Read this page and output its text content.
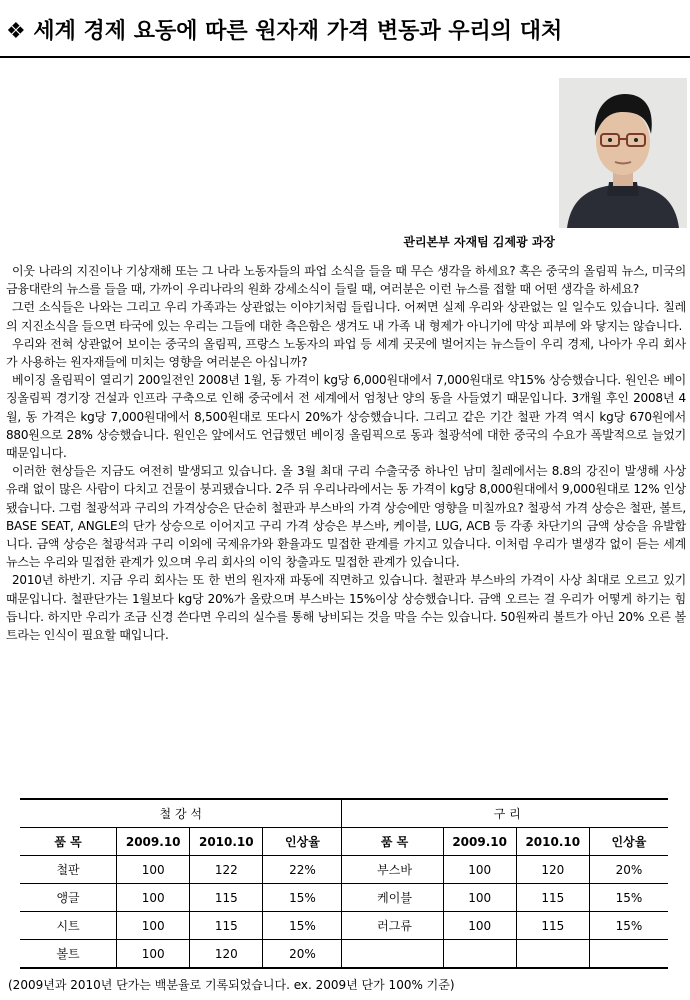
❖ 세계 경제 요동에 따른 원자재 가격 변동과 우리의 대처
관리본부 자재팀 김제광 과장

이웃 나라의 지진이나 기상재해 또는 그 나라 노동자들의 파업 소식을 들을 때 무슨 생각을 하세요? 혹은 중국의 올림픽 뉴스, 미국의 금융대란의 뉴스를 들을 때, 가까이 우리나라의 원화 강세소식이 들릴 때, 여러분은 이런 뉴스를 접할 때 어떤 생각을 하세요?

그런 소식들은 나와는 그리고 우리 가족과는 상관없는 이야기처럼 들립니다. 어쩌면 실제 우리와 상관없는 일 일수도 있습니다. 칠레의 지진소식을 들으면 타국에 있는 우리는 그들에 대한 측은함은 생겨도 내 가족 내 형제가 아니기에 막상 피부에 와 닿지는 않습니다.

우리와 전혀 상관없어 보이는 중국의 올림픽, 프랑스 노동자의 파업 등 세계 곳곳에 벌어지는 뉴스들이 우리 경제, 나아가 우리 회사가 사용하는 원자재들에 미치는 영향을 여러분은 아십니까?

베이징 올림픽이 열리기 200일전인 2008년 1월, 동 가격이 kg당 6,000원대에서 7,000원대로 약15% 상승했습니다. 원인은 베이징올림픽 경기장 건설과 인프라 구축으로 인해 중국에서 전 세계에서 엄청난 양의 동을 사들였기 때문입니다. 3개월 후인 2008년 4월, 동 가격은 kg당 7,000원대에서 8,500원대로 또다시 20%가 상승했습니다. 그리고 같은 기간 철판 가격 역시 kg당 670원에서 880원으로 28% 상승했습니다. 원인은 앞에서도 언급했던 베이징 올림픽으로 동과 철광석에 대한 중국의 수요가 폭발적으로 늘었기 때문입니다.

이러한 현상들은 지금도 여전히 발생되고 있습니다. 올 3월 최대 구리 수출국중 하나인 남미 칠레에서는 8.8의 강진이 발생해 사상 유래 없이 많은 사람이 다치고 건물이 붕괴됐습니다. 2주 뒤 우리나라에서는 동 가격이 kg당 8,000원대에서 9,000원대로 12% 인상됐습니다. 그럼 철광석과 구리의 가격상승은 단순히 철판과 부스바의 가격 상승에만 영향을 미칠까요? 철광석 가격 상승은 철판, 볼트, BASE SEAT, ANGLE의 단가 상승으로 이어지고 구리 가격 상승은 부스바, 케이블, LUG, ACB 등 각종 차단기의 금액 상승을 유발합니다. 금액 상승은 철광석과 구리 이외에 국제유가와 환율과도 밀접한 관계를 가지고 있습니다. 이처럼 우리가 별생각 없이 듣는 세계뉴스는 우리와 밀접한 관계가 있으며 우리 회사의 이익 창출과도 밀접한 관계가 있습니다.

2010년 하반기. 지금 우리 회사는 또 한 번의 원자재 파동에 직면하고 있습니다. 철판과 부스바의 가격이 사상 최대로 오르고 있기 때문입니다. 철판단가는 1월보다 kg당 20%가 올랐으며 부스바는 15%이상 상승했습니다. 금액 오르는 걸 우리가 어떻게 하기는 힘듭니다. 하지만 우리가 조금 신경 쓴다면 우리의 실수를 통해 낭비되는 것을 막을 수는 있습니다. 50원짜리 볼트가 아닌 20% 오른 볼트라는 인식이 필요할 때입니다.

철 강 석					구 리			
품 목	2009.10	2010.10	인상율		품 목	2009.10	2010.10	인상율
철판	100	122	22%		부스바	100	120	20%
앵글	100	115	15%		케이블	100	115	15%
시트	100	115	15%		러그류	100	115	15%
볼트	100	120	20%					
(2009년과 2010년 단가는 백분율로 기록되었습니다. ex. 2009년 단가 100% 기준)
